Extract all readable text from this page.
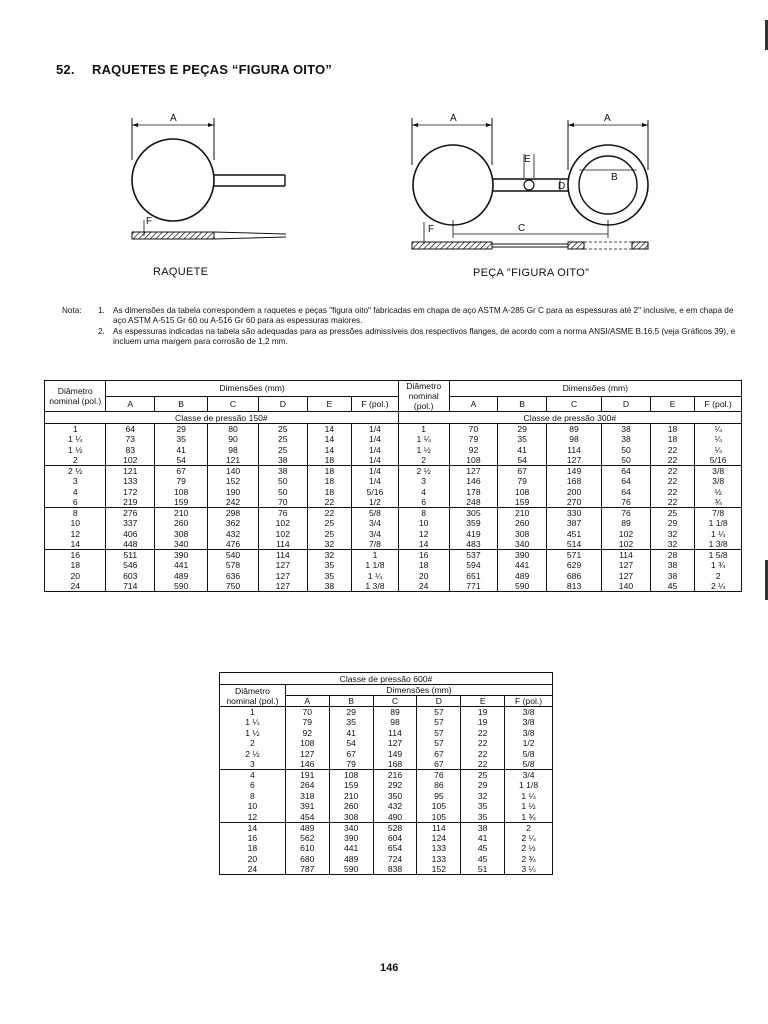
52. RAQUETES E PEÇAS “FIGURA OITO”
A
F
RAQUETE
A	A
E
D
B
C
F
PEÇA "FIGURA OITO"
Nota: 1. As dimensões da tabela correspondem a raquetes e peças "figura oito" fabricadas em chapa de aço ASTM A-285 Gr C para as espessuras até 2" inclusive, e em chapa de aço ASTM A-515 Gr 60 ou A-516 Gr 60 para as espessuras maiores.
2. As espessuras indicadas na tabela são adequadas para as pressões admissíveis dos respectivos flanges, de acordo com a norma ANSI/ASME B.16.5 (veja Gráficos 39), e incluem uma margem para corrosão de 1,2 mm.
Diâmetro nominal (pol.)	Dimensões (mm)						Diâmetro nominal (pol.)	Dimensões (mm)					
	A	B	C	D	E	F (pol.)		A	B	C	D	E	F (pol.)
Classe de pressão 150#							Classe de pressão 300#						
1	64	29	80	25	14	1/4	1	70	29	89	38	18	¼
1 ¼	73	35	90	25	14	1/4	1 ¼	79	35	98	38	18	¼
1 ½	83	41	98	25	14	1/4	1 ½	92	41	114	50	22	¼
2	102	54	121	38	18	1/4	2	108	54	127	50	22	5/16
2 ½	121	67	140	38	18	1/4	2 ½	127	67	149	64	22	3/8
3	133	79	152	50	18	1/4	3	146	79	168	64	22	3/8
4	172	108	190	50	18	5/16	4	178	108	200	64	22	½
6	219	159	242	70	22	1/2	6	248	159	270	76	22	¾
8	276	210	298	76	22	5/8	8	305	210	330	76	25	7/8
10	337	260	362	102	25	3/4	10	359	260	387	89	29	1 1/8
12	406	308	432	102	25	3/4	12	419	308	451	102	32	1 ¼
14	448	340	476	114	32	7/8	14	483	340	514	102	32	1 3/8
16	511	390	540	114	32	1	16	537	390	571	114	28	1 5/8
18	546	441	578	127	35	1 1/8	18	594	441	629	127	38	1 ¾
20	603	489	636	127	35	1 ¼	20	651	489	686	127	38	2
24	714	590	750	127	38	1 3/8	24	771	590	813	140	45	2 ¼
Classe de pressão 600#						
Diâmetro nominal (pol.)	Dimensões (mm)					
	A	B	C	D	E	F (pol.)
1	70	29	89	57	19	3/8
1 ¼	79	35	98	57	19	3/8
1 ½	92	41	114	57	22	3/8
2	108	54	127	57	22	1/2
2 ½	127	67	149	67	22	5/8
3	146	79	168	67	22	5/8
4	191	108	216	76	25	3/4
6	264	159	292	86	29	1 1/8
8	318	210	350	95	32	1 ¼
10	391	260	432	105	35	1 ½
12	454	308	490	105	35	1 ¾
14	489	340	528	114	38	2
16	562	390	604	124	41	2 ¼
18	610	441	654	133	45	2 ½
20	680	489	724	133	45	2 ¾
24	787	590	838	152	51	3 ¼
146
